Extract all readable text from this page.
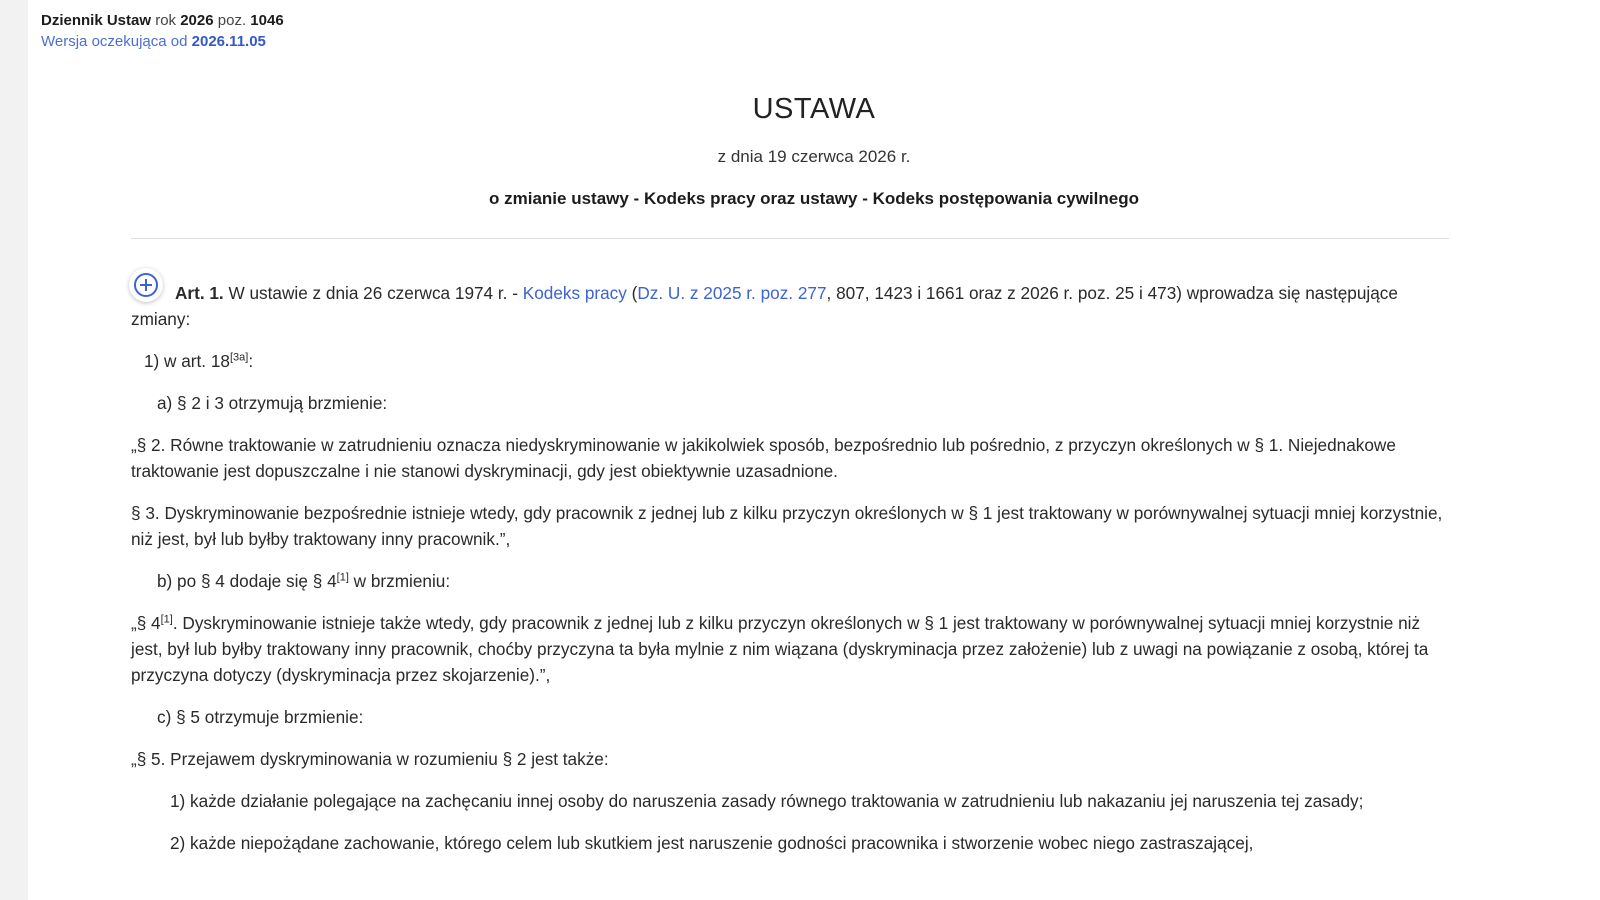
Dziennik Ustaw rok 2026 poz. 1046
Wersja oczekująca od 2026.11.05
USTAWA
z dnia 19 czerwca 2026 r.
o zmianie ustawy - Kodeks pracy oraz ustawy - Kodeks postępowania cywilnego

Art. 1. W ustawie z dnia 26 czerwca 1974 r. - Kodeks pracy (Dz. U. z 2025 r. poz. 277, 807, 1423 i 1661 oraz z 2026 r. poz. 25 i 473) wprowadza się następujące zmiany:

1) w art. 18[3a]:

a) § 2 i 3 otrzymują brzmienie:

„§ 2. Równe traktowanie w zatrudnieniu oznacza niedyskryminowanie w jakikolwiek sposób, bezpośrednio lub pośrednio, z przyczyn określonych w § 1. Niejednakowe traktowanie jest dopuszczalne i nie stanowi dyskryminacji, gdy jest obiektywnie uzasadnione.

§ 3. Dyskryminowanie bezpośrednie istnieje wtedy, gdy pracownik z jednej lub z kilku przyczyn określonych w § 1 jest traktowany w porównywalnej sytuacji mniej korzystnie, niż jest, był lub byłby traktowany inny pracownik.”,

b) po § 4 dodaje się § 4[1] w brzmieniu:

„§ 4[1]. Dyskryminowanie istnieje także wtedy, gdy pracownik z jednej lub z kilku przyczyn określonych w § 1 jest traktowany w porównywalnej sytuacji mniej korzystnie niż jest, był lub byłby traktowany inny pracownik, choćby przyczyna ta była mylnie z nim wiązana (dyskryminacja przez założenie) lub z uwagi na powiązanie z osobą, której ta przyczyna dotyczy (dyskryminacja przez skojarzenie).”,

c) § 5 otrzymuje brzmienie:

„§ 5. Przejawem dyskryminowania w rozumieniu § 2 jest także:

1) każde działanie polegające na zachęcaniu innej osoby do naruszenia zasady równego traktowania w zatrudnieniu lub nakazaniu jej naruszenia tej zasady;

2) każde niepożądane zachowanie, którego celem lub skutkiem jest naruszenie godności pracownika i stworzenie wobec niego zastraszającej,
